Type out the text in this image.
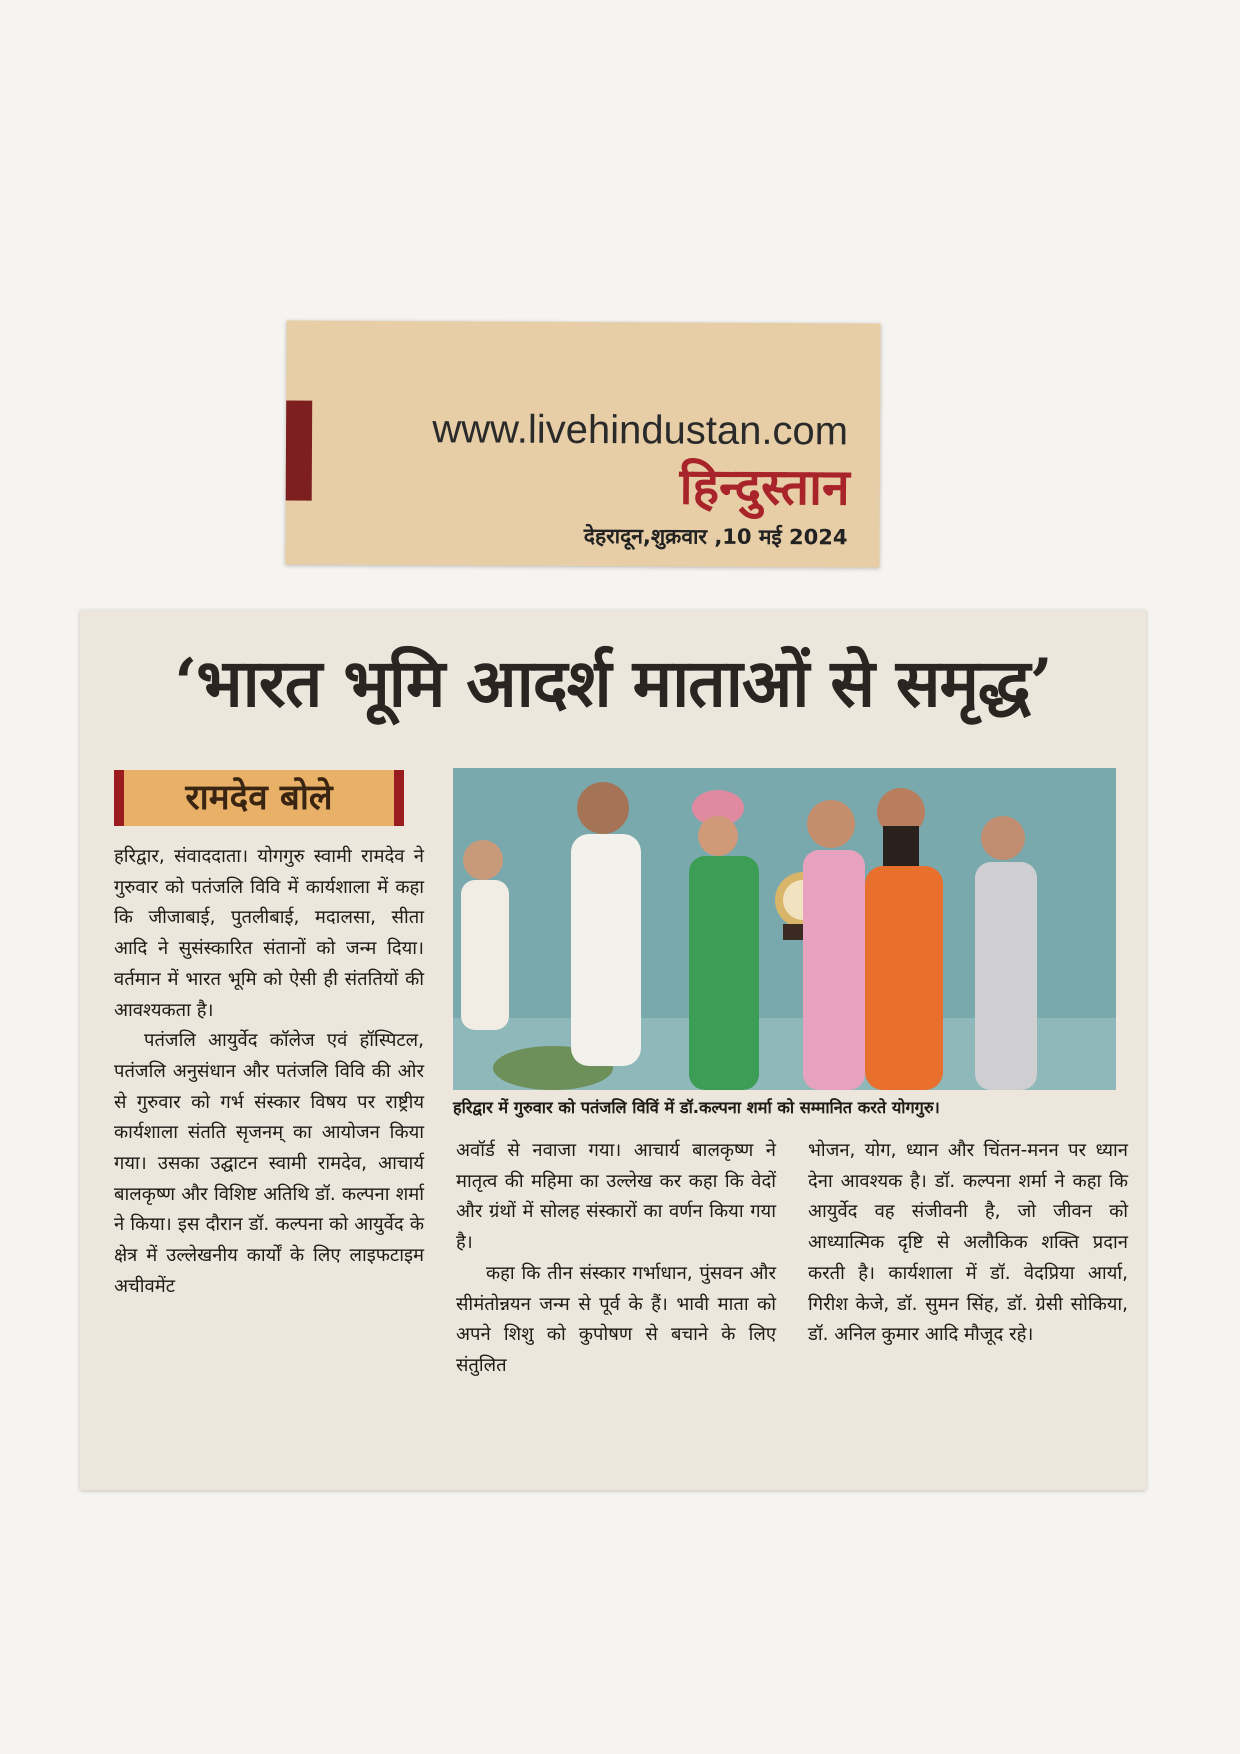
www.livehindustan.com
हिन्दुस्तान
देहरादून,शुक्रवार ,10 मई 2024
‘भारत भूमि आदर्श माताओं से समृद्ध’
रामदेव बोले

हरिद्वार, संवाददाता। योगगुरु स्वामी रामदेव ने गुरुवार को पतंजलि विवि में कार्यशाला में कहा कि जीजाबाई, पुतलीबाई, मदालसा, सीता आदि ने सुसंस्कारित संतानों को जन्म दिया। वर्तमान में भारत भूमि को ऐसी ही संततियों की आवश्यकता है।

पतंजलि आयुर्वेद कॉलेज एवं हॉस्पिटल, पतंजलि अनुसंधान और पतंजलि विवि की ओर से गुरुवार को गर्भ संस्कार विषय पर राष्ट्रीय कार्यशाला संतति सृजनम् का आयोजन किया गया। उसका उद्घाटन स्वामी रामदेव, आचार्य बालकृष्ण और विशिष्ट अतिथि डॉ. कल्पना शर्मा ने किया। इस दौरान डॉ. कल्पना को आयुर्वेद के क्षेत्र में उल्लेखनीय कार्यों के लिए लाइफटाइम अचीवमेंट

हरिद्वार में गुरुवार को पतंजलि विविं में डॉ.कल्पना शर्मा को सम्मानित करते योगगुरु।

अवॉर्ड से नवाजा गया। आचार्य बालकृष्ण ने मातृत्व की महिमा का उल्लेख कर कहा कि वेदों और ग्रंथों में सोलह संस्कारों का वर्णन किया गया है।

कहा कि तीन संस्कार गर्भाधान, पुंसवन और सीमंतोन्नयन जन्म से पूर्व के हैं। भावी माता को अपने शिशु को कुपोषण से बचाने के लिए संतुलित

भोजन, योग, ध्यान और चिंतन-मनन पर ध्यान देना आवश्यक है। डॉ. कल्पना शर्मा ने कहा कि आयुर्वेद वह संजीवनी है, जो जीवन को आध्यात्मिक दृष्टि से अलौकिक शक्ति प्रदान करती है। कार्यशाला में डॉ. वेदप्रिया आर्या, गिरीश केजे, डॉ. सुमन सिंह, डॉ. ग्रेसी सोकिया, डॉ. अनिल कुमार आदि मौजूद रहे।
